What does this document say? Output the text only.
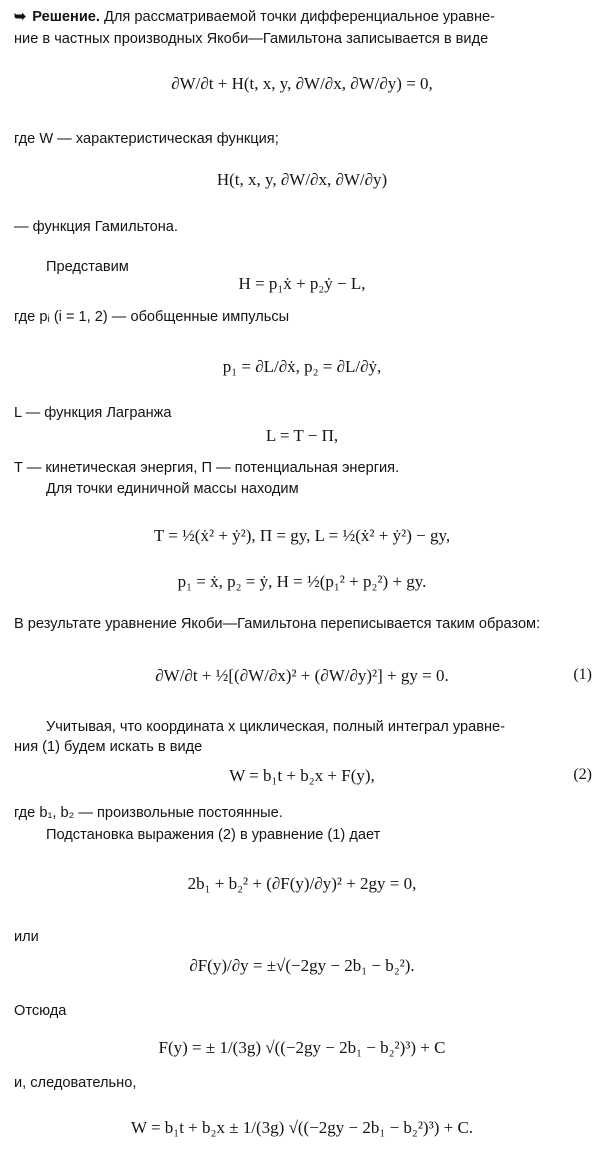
➥ Решение. Для рассматриваемой точки дифференциальное уравне-
ние в частных производных Якоби—Гамильтона записывается в виде
∂W/∂t + H(t, x, y, ∂W/∂x, ∂W/∂y) = 0,
где W — характеристическая функция;
H(t, x, y, ∂W/∂x, ∂W/∂y)
— функция Гамильтона.
Представим
H = p₁ẋ + p₂ẏ − L,
где pᵢ (i = 1, 2) — обобщенные импульсы
p₁ = ∂L/∂ẋ, p₂ = ∂L/∂ẏ,
L — функция Лагранжа
L = T − Π,
T — кинетическая энергия, Π — потенциальная энергия.
Для точки единичной массы находим
T = ½(ẋ² + ẏ²), Π = gy, L = ½(ẋ² + ẏ²) − gy,
p₁ = ẋ, p₂ = ẏ, H = ½(p₁² + p₂²) + gy.
В результате уравнение Якоби—Гамильтона переписывается таким образом:
∂W/∂t + ½[(∂W/∂x)² + (∂W/∂y)²] + gy = 0.	(1)
Учитывая, что координата x циклическая, полный интеграл уравне-
ния (1) будем искать в виде
W = b₁t + b₂x + F(y),	(2)
где b₁, b₂ — произвольные постоянные.
Подстановка выражения (2) в уравнение (1) дает
2b₁ + b₂² + (∂F(y)/∂y)² + 2gy = 0,
или
∂F(y)/∂y = ±√(−2gy − 2b₁ − b₂²).
Отсюда
F(y) = ± 1/(3g) √((−2gy − 2b₁ − b₂²)³) + C
и, следовательно,
W = b₁t + b₂x ± 1/(3g) √((−2gy − 2b₁ − b₂²)³) + C.
